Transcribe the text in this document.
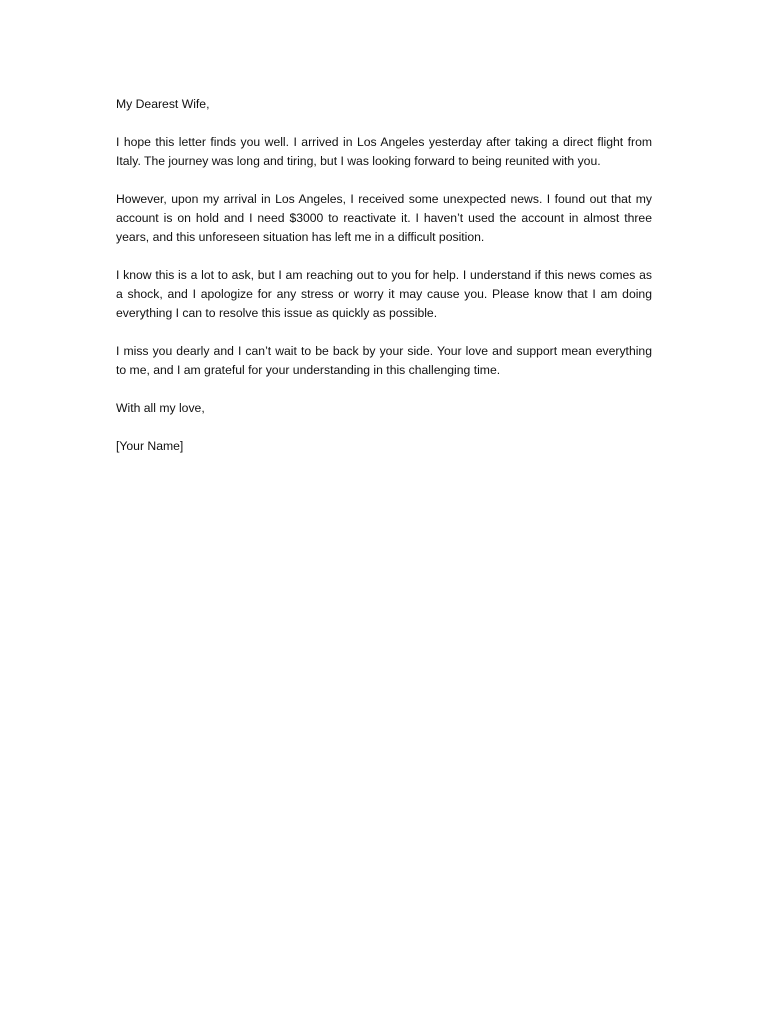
My Dearest Wife,

I hope this letter finds you well. I arrived in Los Angeles yesterday after taking a direct flight from Italy. The journey was long and tiring, but I was looking forward to being reunited with you.

However, upon my arrival in Los Angeles, I received some unexpected news. I found out that my account is on hold and I need $3000 to reactivate it. I haven’t used the account in almost three years, and this unforeseen situation has left me in a difficult position.

I know this is a lot to ask, but I am reaching out to you for help. I understand if this news comes as a shock, and I apologize for any stress or worry it may cause you. Please know that I am doing everything I can to resolve this issue as quickly as possible.

I miss you dearly and I can’t wait to be back by your side. Your love and support mean everything to me, and I am grateful for your understanding in this challenging time.

With all my love,

[Your Name]
